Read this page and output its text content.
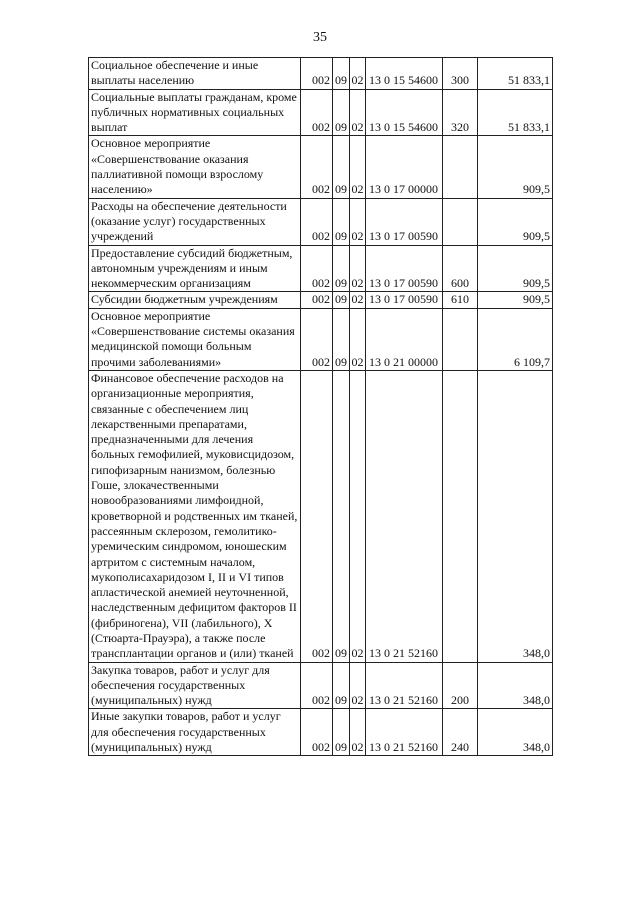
35
Социальное обеспечение и иные выплаты населению	002	09	02	13 0 15 54600	300	51 833,1
Социальные выплаты гражданам, кроме публичных нормативных социальных выплат	002	09	02	13 0 15 54600	320	51 833,1
Основное мероприятие «Совершенствование оказания паллиативной помощи взрослому населению»	002	09	02	13 0 17 00000		909,5
Расходы на обеспечение деятельности (оказание услуг) государственных учреждений	002	09	02	13 0 17 00590		909,5
Предоставление субсидий бюджетным, автономным учреждениям и иным некоммерческим организациям	002	09	02	13 0 17 00590	600	909,5
Субсидии бюджетным учреждениям	002	09	02	13 0 17 00590	610	909,5
Основное мероприятие «Совершенствование системы оказания медицинской помощи больным прочими заболеваниями»	002	09	02	13 0 21 00000		6 109,7
Финансовое обеспечение расходов на организационные мероприятия, связанные с обеспечением лиц лекарственными препаратами, предназначенными для лечения больных гемофилией, муковисцидозом, гипофизарным нанизмом, болезнью Гоше, злокачественными новообразованиями лимфоидной, кроветворной и родственных им тканей, рассеянным склерозом, гемолитико-уремическим синдромом, юношеским артритом с системным началом, мукополисахаридозом I, II и VI типов апластической анемией неуточненной, наследственным дефицитом факторов II (фибриногена), VII (лабильного), X (Стюарта-Прауэра), а также после трансплантации органов и (или) тканей	002	09	02	13 0 21 52160		348,0
Закупка товаров, работ и услуг для обеспечения государственных (муниципальных) нужд	002	09	02	13 0 21 52160	200	348,0
Иные закупки товаров, работ и услуг для обеспечения государственных (муниципальных) нужд	002	09	02	13 0 21 52160	240	348,0
